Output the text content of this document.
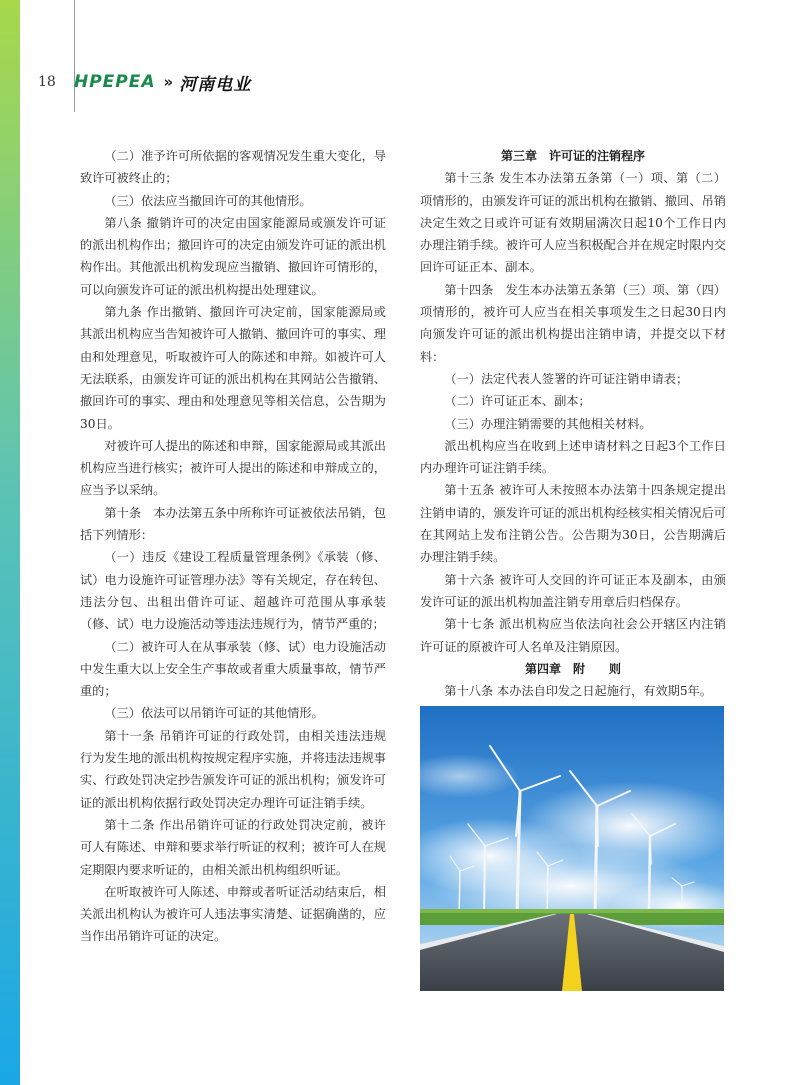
18	HPEPEA » 河南电业

（二）准予许可所依据的客观情况发生重大变化，导致许可被终止的；

（三）依法应当撤回许可的其他情形。

第八条 撤销许可的决定由国家能源局或颁发许可证的派出机构作出；撤回许可的决定由颁发许可证的派出机构作出。其他派出机构发现应当撤销、撤回许可情形的，可以向颁发许可证的派出机构提出处理建议。

第九条 作出撤销、撤回许可决定前，国家能源局或其派出机构应当告知被许可人撤销、撤回许可的事实、理由和处理意见，听取被许可人的陈述和申辩。如被许可人无法联系，由颁发许可证的派出机构在其网站公告撤销、撤回许可的事实、理由和处理意见等相关信息，公告期为30日。

对被许可人提出的陈述和申辩，国家能源局或其派出机构应当进行核实；被许可人提出的陈述和申辩成立的，应当予以采纳。

第十条　本办法第五条中所称许可证被依法吊销，包括下列情形：

（一）违反《建设工程质量管理条例》《承装（修、试）电力设施许可证管理办法》等有关规定，存在转包、违法分包、出租出借许可证、超越许可范围从事承装（修、试）电力设施活动等违法违规行为，情节严重的；

（二）被许可人在从事承装（修、试）电力设施活动中发生重大以上安全生产事故或者重大质量事故，情节严重的；

（三）依法可以吊销许可证的其他情形。

第十一条 吊销许可证的行政处罚，由相关违法违规行为发生地的派出机构按规定程序实施，并将违法违规事实、行政处罚决定抄告颁发许可证的派出机构；颁发许可证的派出机构依据行政处罚决定办理许可证注销手续。

第十二条 作出吊销许可证的行政处罚决定前，被许可人有陈述、申辩和要求举行听证的权利；被许可人在规定期限内要求听证的，由相关派出机构组织听证。

在听取被许可人陈述、申辩或者听证活动结束后，相关派出机构认为被许可人违法事实清楚、证据确凿的，应当作出吊销许可证的决定。

第三章　许可证的注销程序

第十三条 发生本办法第五条第（一）项、第（二）项情形的，由颁发许可证的派出机构在撤销、撤回、吊销决定生效之日或许可证有效期届满次日起10个工作日内办理注销手续。被许可人应当积极配合并在规定时限内交回许可证正本、副本。

第十四条　发生本办法第五条第（三）项、第（四）项情形的，被许可人应当在相关事项发生之日起30日内向颁发许可证的派出机构提出注销申请，并提交以下材料：

（一）法定代表人签署的许可证注销申请表；

（二）许可证正本、副本；

（三）办理注销需要的其他相关材料。

派出机构应当在收到上述申请材料之日起3个工作日内办理许可证注销手续。

第十五条 被许可人未按照本办法第十四条规定提出注销申请的，颁发许可证的派出机构经核实相关情况后可在其网站上发布注销公告。公告期为30日，公告期满后办理注销手续。

第十六条 被许可人交回的许可证正本及副本，由颁发许可证的派出机构加盖注销专用章后归档保存。

第十七条 派出机构应当依法向社会公开辖区内注销许可证的原被许可人名单及注销原因。

第四章　附　　则

第十八条 本办法自印发之日起施行，有效期5年。
